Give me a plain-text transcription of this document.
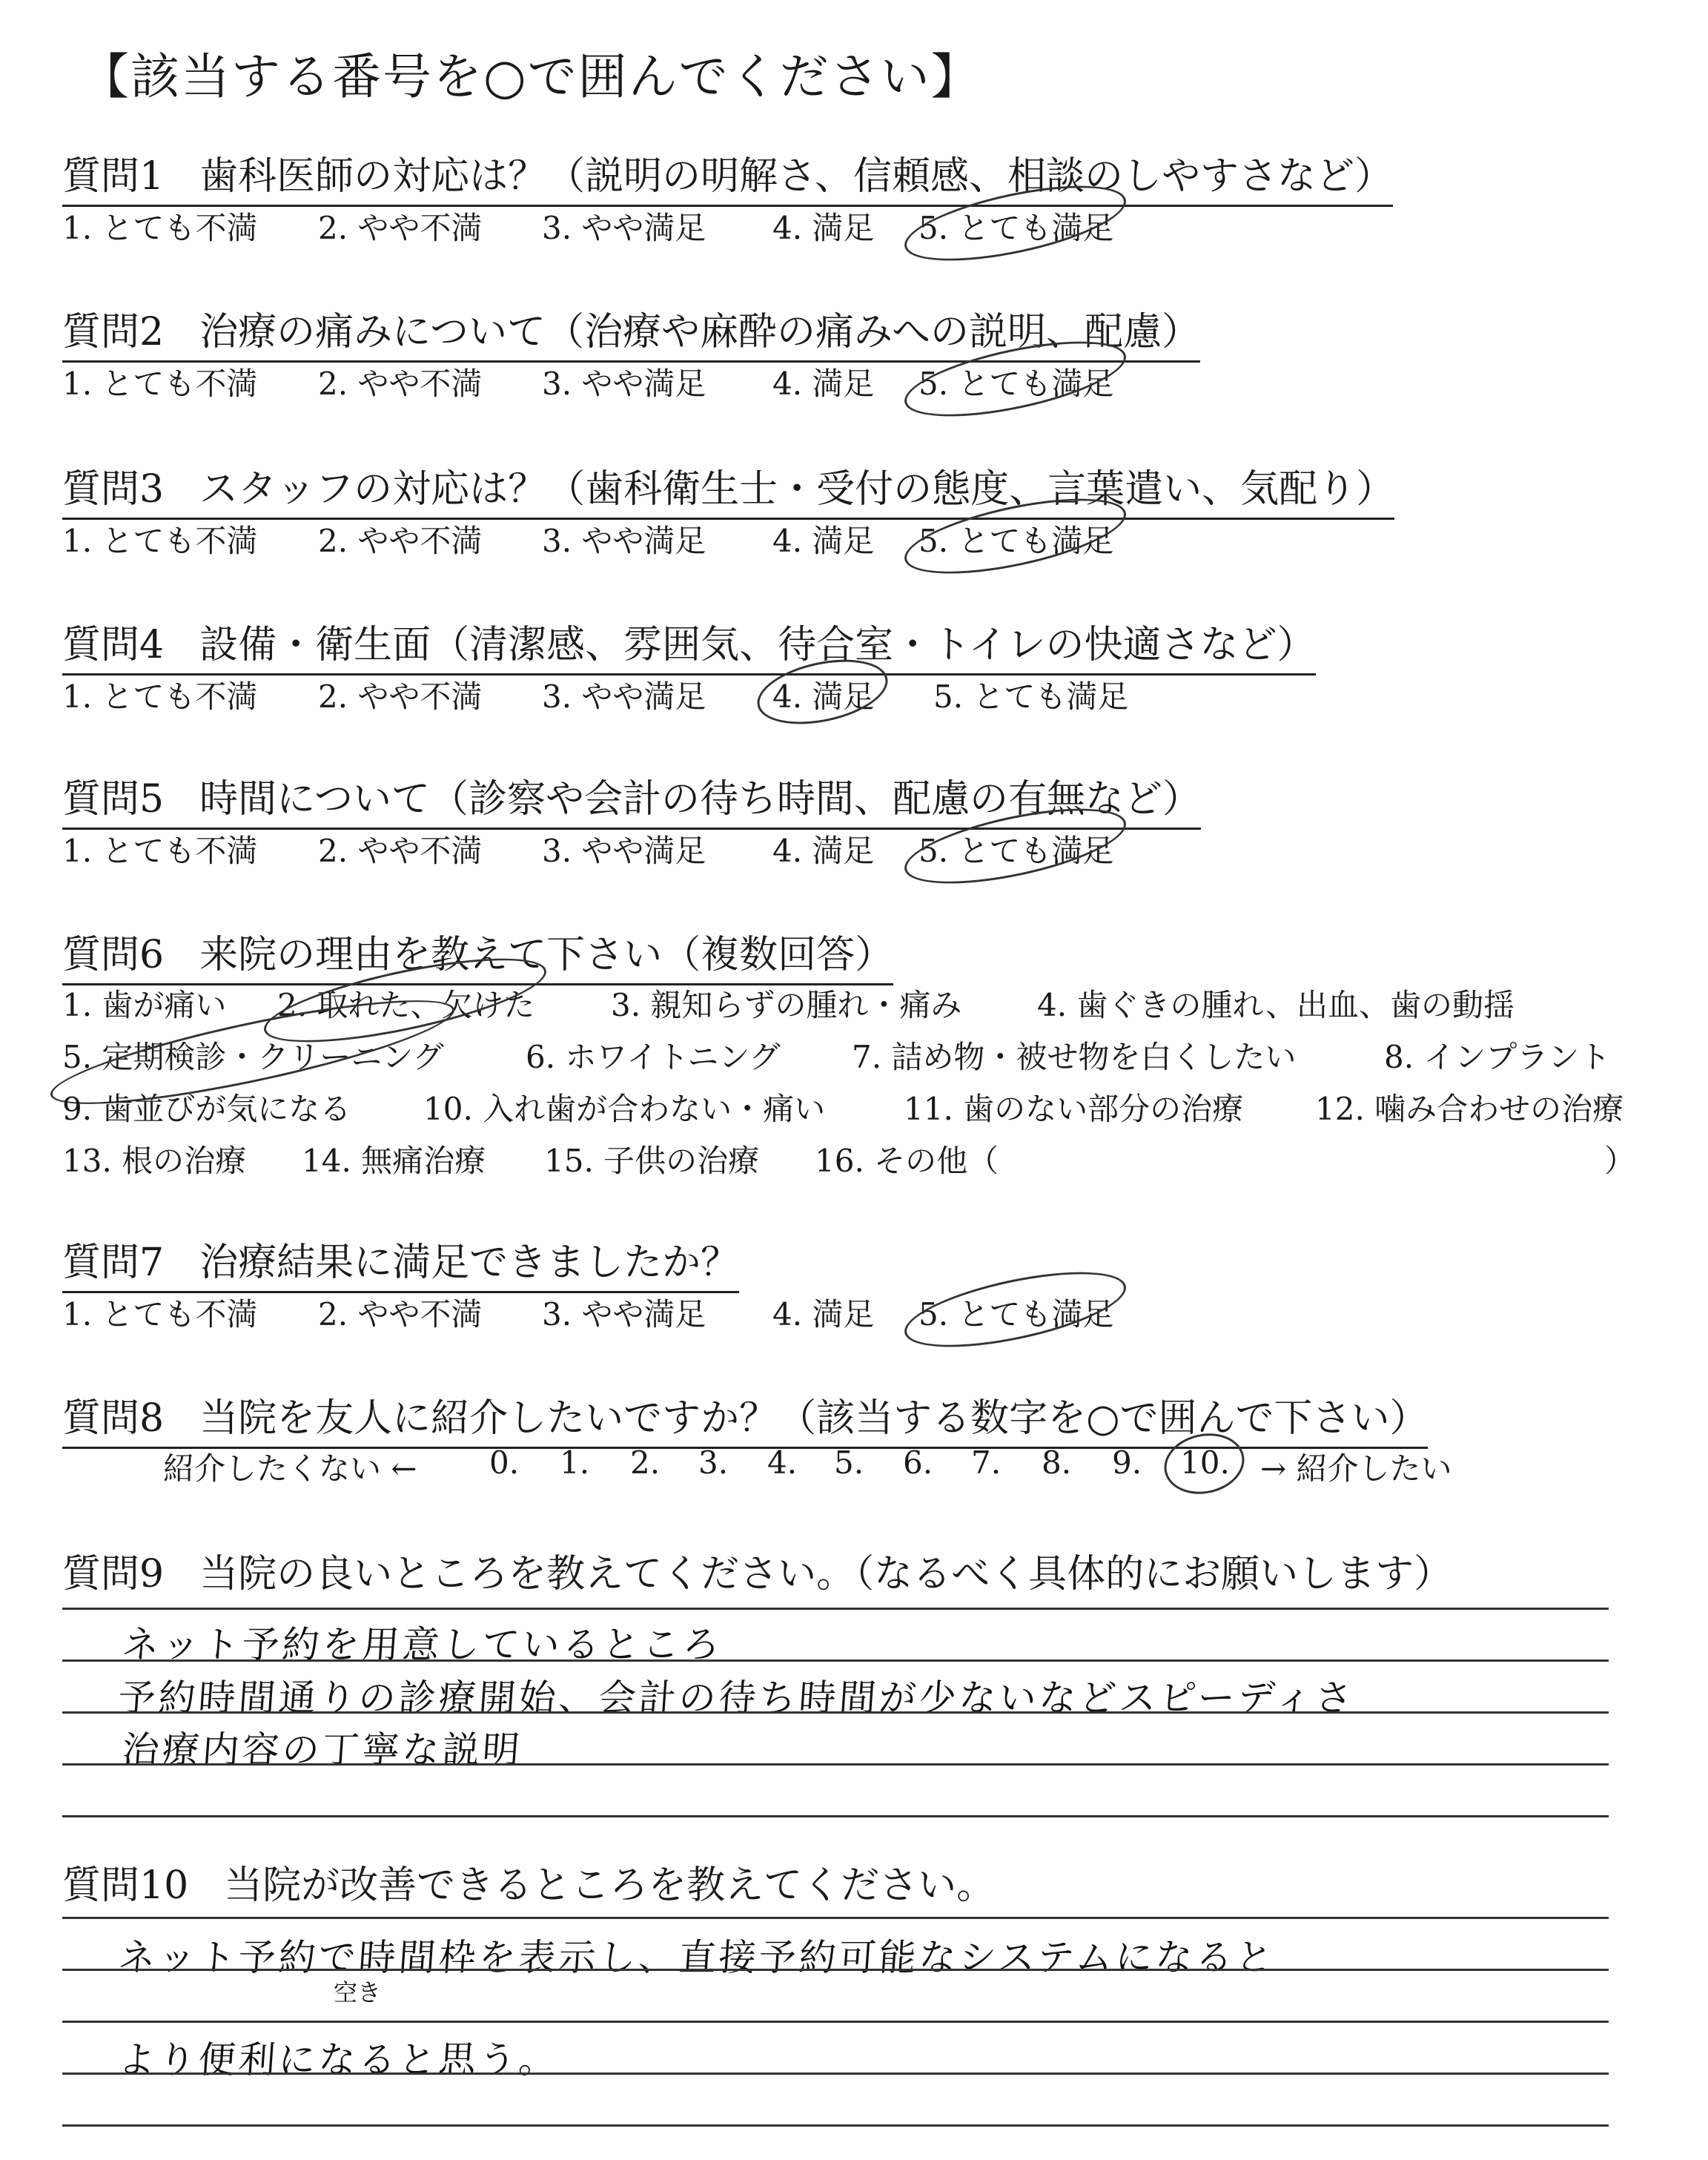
【該当する番号を○で囲んでください】
質問1 歯科医師の対応は？（説明の明解さ、信頼感、相談のしやすさなど）
1. とても不満 2. やや不満 3. やや満足 4. 満足 5. とても満足
質問2 治療の痛みについて（治療や麻酔の痛みへの説明、配慮）
1. とても不満 2. やや不満 3. やや満足 4. 満足 5. とても満足
質問3 スタッフの対応は？（歯科衛生士・受付の態度、言葉遣い、気配り）
1. とても不満 2. やや不満 3. やや満足 4. 満足 5. とても満足
質問4 設備・衛生面（清潔感、雰囲気、待合室・トイレの快適さなど）
1. とても不満 2. やや不満 3. やや満足 4. 満足 5. とても満足
質問5 時間について（診察や会計の待ち時間、配慮の有無など）
1. とても不満 2. やや不満 3. やや満足 4. 満足 5. とても満足
質問6 来院の理由を教えて下さい（複数回答）
1. 歯が痛い 2. 取れた、欠けた 3. 親知らずの腫れ・痛み 4. 歯ぐきの腫れ、出血、歯の動揺
5. 定期検診・クリーニング	6. ホワイトニング 7. 詰め物・被せ物を白くしたい	8. インプラント
9. 歯並びが気になる 10. 入れ歯が合わない・痛い	11. 歯のない部分の治療 12. 噛み合わせの治療
13. 根の治療 14. 無痛治療 15. 子供の治療 16. その他（	）
質問7 治療結果に満足できましたか？
1. とても不満 2. やや不満 3. やや満足 4. 満足 5. とても満足
質問8 当院を友人に紹介したいですか？（該当する数字を○で囲んで下さい）
紹介したくない ← 0. 1. 2. 3. 4. 5. 6. 7. 8. 9. 10. → 紹介したい
質問9 当院の良いところを教えてください。（なるべく具体的にお願いします）
ネット予約を用意しているところ
予約時間通りの診療開始、会計の待ち時間が少ないなどスピーディさ
治療内容の丁寧な説明
質問10 当院が改善できるところを教えてください。
ネット予約で時間枠を表示し、直接予約可能なシステムになると
空き
より便利になると思う。
